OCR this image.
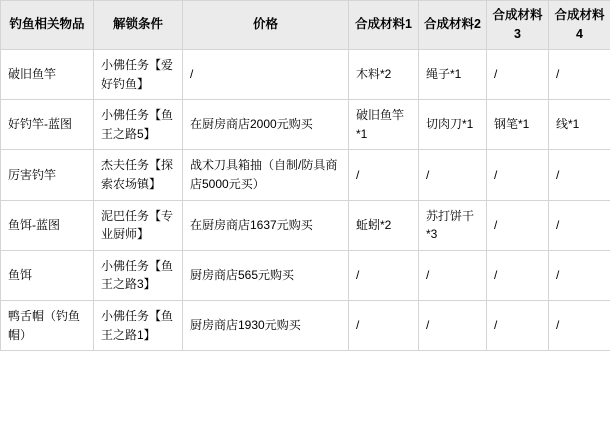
钓鱼相关物品	解锁条件	价格	合成材料1	合成材料2	合成材料3	合成材料4
破旧鱼竿	小佛任务【爱好钓鱼】	/	木料*2	绳子*1	/	/
好钓竿-蓝图	小佛任务【鱼王之路5】	在厨房商店2000元购买	破旧鱼竿*1	切肉刀*1	钢笔*1	线*1
厉害钓竿	杰夫任务【探索农场镇】	战术刀具箱抽（自制/防具商店5000元买）	/	/	/	/
鱼饵-蓝图	泥巴任务【专业厨师】	在厨房商店1637元购买	蚯蚓*2	苏打饼干*3	/	/
鱼饵	小佛任务【鱼王之路3】	厨房商店565元购买	/	/	/	/
鸭舌帽（钓鱼帽）	小佛任务【鱼王之路1】	厨房商店1930元购买	/	/	/	/
